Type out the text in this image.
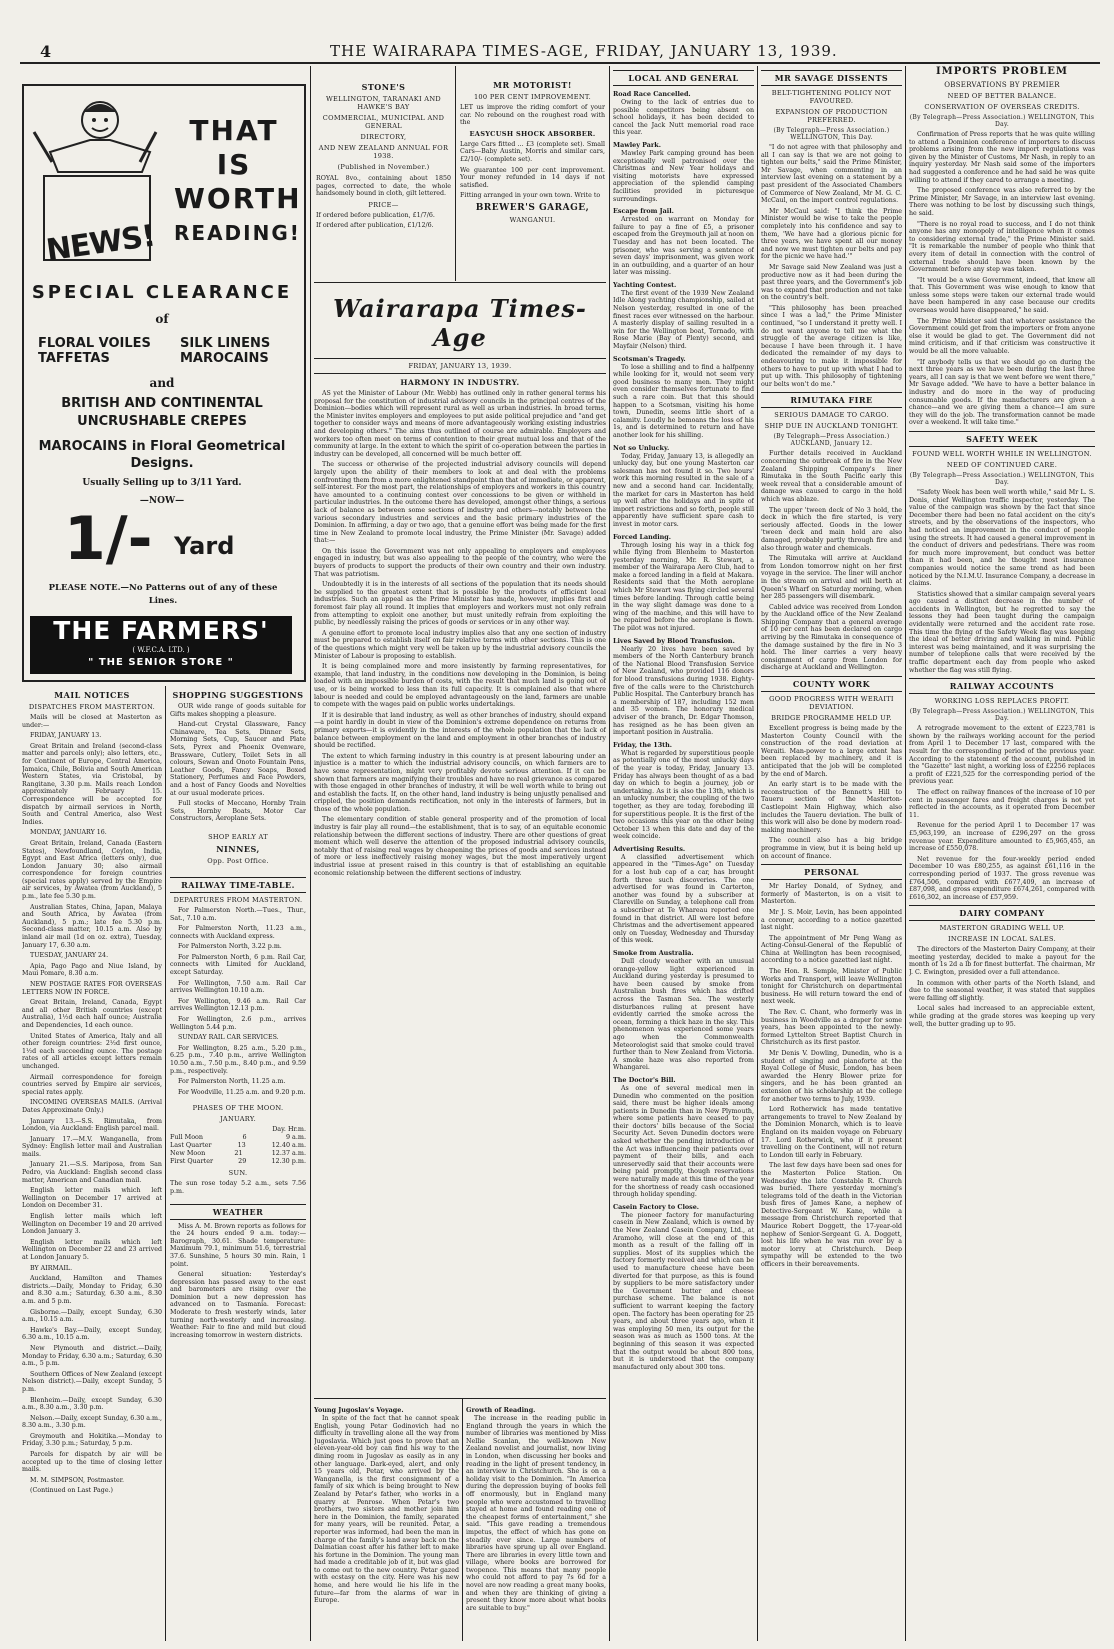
4	THE WAIRARAPA TIMES-AGE, FRIDAY, JANUARY 13, 1939.
NEWS!
THAT
IS
WORTH
READING!
SPECIAL CLEARANCE
of
FLORAL VOILES
TAFFETAS
SILK LINENS
MAROCAINS
and
BRITISH AND CONTINENTAL
UNCRUSHABLE CREPES
MAROCAINS in Floral Geometrical Designs.
Usually Selling up to 3/11 Yard.
—NOW—
1/- Yard
PLEASE NOTE.—No Patterns out of any of these Lines.
THE FARMERS'
( W.F.C.A. LTD. )
" THE SENIOR STORE "
MAIL NOTICES
DISPATCHES FROM MASTERTON.
Mails will be closed at Masterton as under:—
FRIDAY, JANUARY 13.
Great Britain and Ireland (second-class matter and parcels only); also letters, etc., for Continent of Europe, Central America, Jamaica, Chile, Bolivia and South American Western States, via Cristobal, by Rangitane, 3.30 p.m. Mails reach London approximately February 15. Correspondence will be accepted for dispatch by airmail services in North, South and Central America, also West Indies.
MONDAY, JANUARY 16.
Great Britain, Ireland, Canada (Eastern States), Newfoundland, Ceylon, India, Egypt and East Africa (letters only), due London January 30; also airmail correspondence for foreign countries (special rates apply) served by the Empire air services, by Awatea (from Auckland), 5 p.m., late fee 5.30 p.m.
Australian States, China, Japan, Malaya and South Africa, by Awatea (from Auckland), 5 p.m.; late fee 5.30 p.m. Second-class matter, 10.15 a.m. Also by inland air mail (1d on oz. extra), Tuesday, January 17, 6.30 a.m.
TUESDAY, JANUARY 24.
Apia, Pago Pago and Niue Island, by Maui Pomare, 8.30 a.m.
NEW POSTAGE RATES FOR OVERSEAS LETTERS NOW IN FORCE.
Great Britain, Ireland, Canada, Egypt and all other British countries (except Australia), 1½d each half ounce; Australia and Dependencies, 1d each ounce.
United States of America, Italy and all other foreign countries: 2½d first ounce, 1½d each succeeding ounce. The postage rates of all articles except letters remain unchanged.
Airmail correspondence for foreign countries served by Empire air services, special rates apply.
INCOMING OVERSEAS MAILS. (Arrival Dates Approximate Only.)
January 13.—S.S. Rimutaka, from London, via Auckland: English parcel mail.
January 17.—M.V. Wanganella, from Sydney: English letter mail and Australian mails.
January 21.—S.S. Mariposa, from San Pedro, via Auckland: English second class matter, American and Canadian mail.
English letter mails which left Wellington on December 17 arrived at London on December 31.
English letter mails which left Wellington on December 19 and 20 arrived London January 3.
English letter mails which left Wellington on December 22 and 23 arrived at London January 5.
BY AIRMAIL.
Auckland, Hamilton and Thames districts.—Daily, Monday to Friday, 6.30 and 8.30 a.m.; Saturday, 6.30 a.m., 8.30 a.m. and 5 p.m.
Gisborne.—Daily, except Sunday, 6.30 a.m., 10.15 a.m.
Hawke's Bay.—Daily, except Sunday, 6.30 a.m., 10.15 a.m.
New Plymouth and district.—Daily, Monday to Friday, 6.30 a.m.; Saturday, 6.30 a.m., 5 p.m.
Southern Offices of New Zealand (except Nelson district).—Daily, except Sunday, 5 p.m.
Blenheim.—Daily, except Sunday, 6.30 a.m., 8.30 a.m., 3.30 p.m.
Nelson.—Daily, except Sunday, 6.30 a.m., 8.30 a.m., 3.30 p.m.
Greymouth and Hokitika.—Monday to Friday, 3.30 p.m.; Saturday, 5 p.m.
Parcels for dispatch by air will be accepted up to the time of closing letter mails.
M. M. SIMPSON, Postmaster.
(Continued on Last Page.)
SHOPPING SUGGESTIONS
OUR wide range of goods suitable for Gifts makes shopping a pleasure.
Hand-cut Crystal Glassware, Fancy Chinaware, Tea Sets, Dinner Sets, Morning Sets, Cup, Saucer and Plate Sets, Pyrex and Phoenix Ovenware, Brassware, Cutlery, Toilet Sets in all colours, Sewan and Onoto Fountain Pens, Leather Goods, Fancy Soaps, Boxed Stationery, Perfumes and Face Powders, and a host of Fancy Goods and Novelties at our usual moderate prices.
Full stocks of Meccano, Hornby Train Sets, Hornby Boats, Motor Car Constructors, Aeroplane Sets.
SHOP EARLY AT
NINNES,
Opp. Post Office.
RAILWAY TIME-TABLE.
DEPARTURES FROM MASTERTON.
For Palmerston North.—Tues., Thur., Sat., 7.10 a.m.
For Palmerston North, 11.23 a.m., connects with Auckland express.
For Palmerston North, 3.22 p.m.
For Palmerston North, 6 p.m. Rail Car, connects with Limited for Auckland, except Saturday.
For Wellington, 7.50 a.m. Rail Car arrives Wellington 10.10 a.m.
For Wellington, 9.46 a.m. Rail Car arrives Wellington 12.13 p.m.
For Wellington, 2.6 p.m., arrives Wellington 5.44 p.m.
SUNDAY RAIL CAR SERVICES.
For Wellington, 8.25 a.m., 5.20 p.m., 6.25 p.m., 7.40 p.m., arrive Wellington 10.50 a.m., 7.50 p.m., 8.40 p.m., and 9.59 p.m., respectively.
For Palmerston North, 11.25 a.m.
For Woodville, 11.25 a.m. and 9.20 p.m.
PHASES OF THE MOON.
JANUARY.
Day. Hr.m.
Full Moon	6	9 a.m.
Last Quarter	13	12.40 a.m.
New Moon	21	12.37 a.m.
First Quarter	29	12.30 p.m.
SUN.
The sun rose today 5.2 a.m., sets 7.56 p.m.
WEATHER
Miss A. M. Brown reports as follows for the 24 hours ended 9 a.m. today:—Barograph, 30.61. Shade temperature: Maximum 79.1, minimum 51.6, terrestrial 37.6. Sunshine, 5 hours 30 min. Rain, 1 point.
General situation: Yesterday's depression has passed away to the east and barometers are rising over the Dominion but a new depression has advanced on to Tasmania. Forecast: Moderate to fresh westerly winds, later turning north-westerly and increasing. Weather: Fair to fine and mild but cloud increasing tomorrow in western districts.
STONE'S
WELLINGTON, TARANAKI AND HAWKE'S BAY
COMMERCIAL, MUNICIPAL AND GENERAL
DIRECTORY,
AND NEW ZEALAND ANNUAL FOR 1938.
(Published in November.)
ROYAL 8vo., containing about 1850 pages, corrected to date, the whole handsomely bound in cloth, gilt lettered.
PRICE—
If ordered before publication, £1/7/6.
If ordered after publication, £1/12/6.
MR MOTORIST!
100 PER CENT IMPROVEMENT.
LET us improve the riding comfort of your car. No rebound on the roughest road with the
EASYCUSH SHOCK ABSORBER.
Large Cars fitted ... £3 (complete set). Small Cars—Baby Austin, Morris and similar cars, £2/10/- (complete set).
We guarantee 100 per cent improvement. Your money refunded in 14 days if not satisfied.
Fitting arranged in your own town. Write to
BREWER'S GARAGE,
WANGANUI.
Wairarapa Times-Age
FRIDAY, JANUARY 13, 1939.
HARMONY IN INDUSTRY.
AS yet the Minister of Labour (Mr. Webb) has outlined only in rather general terms his proposal for the constitution of industrial advisory councils in the principal centres of the Dominion—bodies which will represent rural as well as urban industries. In broad terms, the Minister invites employers and employees to put aside political prejudice and "and get together to consider ways and means of more advantageously working existing industries and developing others." The aims thus outlined of course are admirable. Employers and workers too often meet on terms of contention to their great mutual loss and that of the community at large. In the extent to which the spirit of co-operation between the parties in industry can be developed, all concerned will be much better off.
The success or otherwise of the projected industrial advisory councils will depend largely upon the ability of their members to look at and deal with the problems confronting them from a more enlightened standpoint than that of immediate, or apparent, self-interest. For the most part, the relationships of employers and workers in this country have amounted to a continuing contest over concessions to be given or withheld in particular industries. In the outcome there has developed, amongst other things, a serious lack of balance as between some sections of industry and others—notably between the various secondary industries and services and the basic primary industries of the Dominion. In affirming, a day or two ago, that a genuine effort was being made for the first time in New Zealand to promote local industry, the Prime Minister (Mr. Savage) added that:—
On this issue the Government was not only appealing to employers and employees engaged in industry, but was also appealing to the people of the country, who were the buyers of products to support the products of their own country and their own industry. That was patriotism.
Undoubtedly it is in the interests of all sections of the population that its needs should be supplied to the greatest extent that is possible by the products of efficient local industries. Such an appeal as the Prime Minister has made, however, implies first and foremost fair play all round. It implies that employers and workers must not only refrain from attempting to exploit one another, but must unitedly refrain from exploiting the public, by needlessly raising the prices of goods or services or in any other way.
A genuine effort to promote local industry implies also that any one section of industry must be prepared to establish itself on fair relative terms with other sections. This is one of the questions which might very well be taken up by the industrial advisory councils the Minister of Labour is proposing to establish.
It is being complained more and more insistently by farming representatives, for example, that land industry, in the conditions now developing in the Dominion, is being loaded with an impossible burden of costs, with the result that much land is going out of use, or is being worked to less than its full capacity. It is complained also that where labour is needed and could be employed advantageously on the land, farmers are unable to compete with the wages paid on public works undertakings.
If it is desirable that land industry, as well as other branches of industry, should expand—a point hardly in doubt in view of the Dominion's extreme dependence on returns from primary exports—it is evidently in the interests of the whole population that the lack of balance between employment on the land and employment in other branches of industry should be rectified.
The extent to which farming industry in this country is at present labouring under an injustice is a matter to which the industrial advisory councils, on which farmers are to have some representation, might very profitably devote serious attention. If it can be shown that farmers are magnifying their troubles and have no real grievance as compared with those engaged in other branches of industry, it will be well worth while to bring out and establish the facts. If, on the other hand, land industry is being unjustly penalised and crippled, the position demands rectification, not only in the interests of farmers, but in those of the whole population.
The elementary condition of stable general prosperity and of the promotion of local industry is fair play all round—the establishment, that is to say, of an equitable economic relationship between the different sections of industry. There are other questions of great moment which well deserve the attention of the proposed industrial advisory councils, notably that of raising real wages by cheapening the prices of goods and services instead of more or less ineffectively raising money wages, but the most imperatively urgent industrial issue at present raised in this country is that of establishing an equitable economic relationship between the different sections of industry.
Young Jugoslav's Voyage.
In spite of the fact that he cannot speak English, young Petar Godinovich had no difficulty in travelling alone all the way from Jugoslavia. Which just goes to prove that an eleven-year-old boy can find his way to the dining room in Jugoslav as easily as in any other language. Dark-eyed, alert, and only 15 years old, Petar, who arrived by the Wanganella, is the first consignment of a family of six which is being brought to New Zealand by Petar's father, who works in a quarry at Penrose. When Petar's two brothers, two sisters and mother join him here in the Dominion, the family, separated for many years, will be reunited. Petar, a reporter was informed, had been the man in charge of the family's land away back on the Dalmatian coast after his father left to make his fortune in the Dominion. The young man had made a creditable job of it, but was glad to come out to the new country. Petar gazed with ecstasy on the city. Here was his new home, and here would lie his life in the future—far from the alarms of war in Europe.
Growth of Reading.
The increase in the reading public in England through the years in which the number of libraries was mentioned by Miss Nellie Scanlan, the well-known New Zealand novelist and journalist, now living in London, when discussing her books and reading in the light of present tendency, in an interview in Christchurch. She is on a holiday visit to the Dominion. "In America during the depression buying of books fell off enormously, but in England many people who were accustomed to travelling stayed at home and found reading one of the cheapest forms of entertainment," she said. "This gave reading a tremendous impetus, the effect of which has gone on steadily ever since. Large numbers of libraries have sprung up all over England. There are libraries in every little town and village, where books are borrowed for twopence. This means that many people who could not afford to pay 7s 6d for a novel are now reading a great many books, and when they are thinking of giving a present they know more about what books are suitable to buy."
LOCAL AND GENERAL
Road Race Cancelled.
Owing to the lack of entries due to possible competitors being absent on school holidays, it has been decided to cancel the Jack Nutt memorial road race this year.
Mawley Park.
Mawley Park camping ground has been exceptionally well patronised over the Christmas and New Year holidays and visiting motorists have expressed appreciation of the splendid camping facilities provided in picturesque surroundings.
Escape from Jail.
Arrested on warrant on Monday for failure to pay a fine of £5, a prisoner escaped from the Greymouth jail at noon on Tuesday and has not been located. The prisoner, who was serving a sentence of seven days' imprisonment, was given work in an outbuilding, and a quarter of an hour later was missing.
Yachting Contest.
The first event of the 1939 New Zealand Idle Along yachting championship, sailed at Nelson yesterday, resulted in one of the finest races ever witnessed on the harbour. A masterly display of sailing resulted in a win for the Wellington boat, Tornado, with Rose Marie (Bay of Plenty) second, and Mayfair (Nelson) third.
Scotsman's Tragedy.
To lose a shilling and to find a halfpenny while looking for it, would not seem very good business to many men. They might even consider themselves fortunate to find such a rare coin. But that this should happen to a Scotsman, visiting his home town, Dunedin, seems little short of a calamity. Loudly he bemoans the loss of his 1s, and is determined to return and have another look for his shilling.
Not so Unlucky.
Today, Friday, January 13, is allegedly an unlucky day, but one young Masterton car salesman has not found it so. Two hours' work this morning resulted in the sale of a new and a second hand car. Incidentally, the market for cars in Masterton has held up well after the holidays and in spite of import restrictions and so forth, people still apparently have sufficient spare cash to invest in motor cars.
Forced Landing.
Through losing his way in a thick fog while flying from Blenheim to Masterton yesterday morning, Mr. R. Stewart, a member of the Wairarapa Aero Club, had to make a forced landing in a field at Makara. Residents said that the Moth aeroplane which Mr Stewart was flying circled several times before landing. Through cattle being in the way slight damage was done to a wing of the machine, and this will have to be repaired before the aeroplane is flown. The pilot was not injured.
Lives Saved by Blood Transfusion.
Nearly 20 lives have been saved by members of the North Canterbury branch of the National Blood Transfusion Service of New Zealand, who provided 116 donors for blood transfusions during 1938. Eighty-five of the calls were to the Christchurch Public Hospital. The Canterbury branch has a membership of 187, including 152 men and 35 women. The honorary medical adviser of the branch, Dr. Edgar Thomson, has resigned as he has been given an important position in Australia.
Friday, the 13th.
What is regarded by superstitious people as potentially one of the most unlucky days of the year is today, Friday, January 13. Friday has always been thought of as a bad day on which to begin a journey, job or undertaking. As it is also the 13th, which is an unlucky number, the coupling of the two together, as they are today, foreboding ill for superstitious people. It is the first of the two occasions this year on the other being October 13 when this date and day of the week coincide.
Advertising Results.
A classified advertisement which appeared in the "Times-Age" on Tuesday for a lost hub cap of a car, has brought forth three such discoveries. The one advertised for was found in Carterton, another was found by a subscriber at Clareville on Sunday, a telephone call from a subscriber at Te Whareau reported one found in that district. All were lost before Christmas and the advertisement appeared only on Tuesday, Wednesday and Thursday of this week.
Smoke from Australia.
Dull cloudy weather with an unusual orange-yellow light experienced in Auckland during yesterday is presumed to have been caused by smoke from Australian bush fires which has drifted across the Tasman Sea. The westerly disturbances ruling at present have evidently carried the smoke across the ocean, forming a thick haze in the sky. This phenomenon was experienced some years ago when the Commonwealth Meteorologist said that smoke could travel further than to New Zealand from Victoria. A smoke haze was also reported from Whangarei.
The Doctor's Bill.
As one of several medical men in Dunedin who commented on the position said, there must be higher ideals among patients in Dunedin than in New Plymouth, where some patients have ceased to pay their doctors' bills because of the Social Security Act. Seven Dunedin doctors were asked whether the pending introduction of the Act was influencing their patients over payment of their bills, and each unreservedly said that their accounts were being paid promptly, though reservations were naturally made at this time of the year for the shortness of ready cash occasioned through holiday spending.
Casein Factory to Close.
The pioneer factory for manufacturing casein in New Zealand, which is owned by the New Zealand Casein Company, Ltd., at Aramoho, will close at the end of this month as a result of the falling off in supplies. Most of its supplies which the factory formerly received and which can be used to manufacture cheese have been diverted for that purpose, as this is found by suppliers to be more satisfactory under the Government butter and cheese purchase scheme. The balance is not sufficient to warrant keeping the factory open. The factory has been operating for 25 years, and about three years ago, when it was employing 50 men, its output for the season was as much as 1500 tons. At the beginning of this season it was expected that the output would be about 800 tons, but it is understood that the company manufactured only about 300 tons.
MR SAVAGE DISSENTS
BELT-TIGHTENING POLICY NOT FAVOURED.
EXPANSION OF PRODUCTION PREFERRED.
(By Telegraph—Press Association.) WELLINGTON, This Day.
"I do not agree with that philosophy and all I can say is that we are not going to tighten our belts," said the Prime Minister, Mr Savage, when commenting in an interview last evening on a statement by a past president of the Associated Chambers of Commerce of New Zealand, Mr M. G. C. McCaul, on the import control regulations.
Mr McCaul said: "I think the Prime Minister would be wise to take the people completely into his confidence and say to them, 'We have had a glorious picnic for three years, we have spent all our money and now we must tighten our belts and pay for the picnic we have had.'"
Mr Savage said New Zealand was just a productive now as it had been during the past three years, and the Government's job was to expand that production and not take on the country's belt.
"This philosophy has been preached since I was a lad," the Prime Minister continued, "so I understand it pretty well. I do not want anyone to tell me what the struggle of the average citizen is like, because I have been through it. I have dedicated the remainder of my days to endeavouring to make it impossible for others to have to put up with what I had to put up with. This philosophy of tightening our belts won't do me."
RIMUTAKA FIRE
SERIOUS DAMAGE TO CARGO.
SHIP DUE IN AUCKLAND TONIGHT.
(By Telegraph—Press Association.) AUCKLAND, January 12.
Further details received in Auckland concerning the outbreak of fire in the New Zealand Shipping Company's liner Rimutaka in the South Pacific early this week reveal that a considerable amount of damage was caused to cargo in the hold which was ablaze.
The upper 'tween deck of No 3 hold, the deck in which the fire started, is very seriously affected. Goods in the lower 'tween deck and main hold are also damaged, probably partly through fire and also through water and chemicals.
The Rimutaka will arrive at Auckland from London tomorrow night on her first voyage in the service. The liner will anchor in the stream on arrival and will berth at Queen's Wharf on Saturday morning, when her 285 passengers will disembark.
Cabled advice was received from London by the Auckland office of the New Zealand Shipping Company that a general average of 10 per cent has been declared on cargo arriving by the Rimutaka in consequence of the damage sustained by the fire in No 3 hold. The liner carries a very heavy consignment of cargo from London for discharge at Auckland and Wellington.
COUNTY WORK
GOOD PROGRESS WITH WERAITI DEVIATION.
BRIDGE PROGRAMME HELD UP.
Excellent progress is being made by the Masterton County Council with the construction of the road deviation at Weraiti. Man-power to a large extent has been replaced by machinery, and it is anticipated that the job will be completed by the end of March.
An early start is to be made with the reconstruction of the Bennett's Hill to Taueru section of the Masterton-Castlepoint Main Highway, which also includes the Taueru deviation. The bulk of this work will also be done by modern road-making machinery.
The council also has a big bridge programme in view, but it is being held up on account of finance.
PERSONAL
Mr Harley Donald, of Sydney, and formerly of Masterton, is on a visit to Masterton.
Mr J. S. Moir, Levin, has been appointed a coroner, according to a notice gazetted last night.
The appointment of Mr Peng Wang as Acting-Consul-General of the Republic of China at Wellington has been recognised, according to a notice gazetted last night.
The Hon. R. Semple, Minister of Public Works and Transport, will leave Wellington tonight for Christchurch on departmental business. He will return toward the end of next week.
The Rev. C. Chant, who formerly was in business in Woodville as a draper for some years, has been appointed to the newly-formed Lyttelton Street Baptist Church in Christchurch as its first pastor.
Mr Denis V. Dowling, Dunedin, who is a student of singing and pianoforte at the Royal College of Music, London, has been awarded the Henry Blower prize for singers, and he has been granted an extension of his scholarship at the college for another two terms to July, 1939.
Lord Rotherwick has made tentative arrangements to travel to New Zealand by the Dominion Monarch, which is to leave England on its maiden voyage on February 17. Lord Rotherwick, who if it present travelling on the Continent, will not return to London till early in February.
The last few days have been sad ones for the Masterton Police Station. On Wednesday the late Constable R. Church was buried. There yesterday morning's telegrams told of the death in the Victorian bush fires of James Kane, a nephew of Detective-Sergeant W. Kane, while a message from Christchurch reported that Maurice Robert Doggett, the 17-year-old nephew of Senior-Sergeant G. A. Doggett, lost his life when he was run over by a motor lorry at Christchurch. Deep sympathy will be extended to the two officers in their bereavements.
IMPORTS PROBLEM
OBSERVATIONS BY PREMIER
NEED OF BETTER BALANCE.
CONSERVATION OF OVERSEAS CREDITS.
(By Telegraph—Press Association.) WELLINGTON, This Day.
Confirmation of Press reports that he was quite willing to attend a Dominion conference of importers to discuss problems arising from the new import regulations was given by the Minister of Customs, Mr Nash, in reply to an inquiry yesterday. Mr Nash said some of the importers had suggested a conference and he had said he was quite willing to attend if they cared to arrange a meeting.
The proposed conference was also referred to by the Prime Minister, Mr Savage, in an interview last evening. There was nothing to be lost by discussing such things, he said.
"There is no royal road to success, and I do not think anyone has any monopoly of intelligence when it comes to considering external trade," the Prime Minister said. "It is remarkable the number of people who think that every item of detail in connection with the control of external trade should have been known by the Government before any step was taken.
"It would be a wise Government, indeed, that knew all that. This Government was wise enough to know that unless some steps were taken our external trade would have been hampered in any case because our credits overseas would have disappeared," he said.
The Prime Minister said that whatever assistance the Government could get from the importers or from anyone else it would be glad to get. The Government did not mind criticism, and if that criticism was constructive it would be all the more valuable.
"If anybody tells us that we should go on during the next three years as we have been during the last three years, all I can say is that we went before we went there," Mr Savage added. "We have to have a better balance in industry and do more in the way of producing consumable goods. If the manufacturers are given a chance—and we are giving them a chance—I am sure they will do the job. The transformation cannot be made over a weekend. It will take time."
SAFETY WEEK
FOUND WELL WORTH WHILE IN WELLINGTON.
NEED OF CONTINUED CARE.
(By Telegraph—Press Association.) WELLINGTON, This Day.
"Safety Week has been well worth while," said Mr L. S. Donis, chief Wellington traffic inspector, yesterday. The value of the campaign was shown by the fact that since December there had been no fatal accident on the city's streets, and by the observations of the inspectors, who had noticed an improvement in the conduct of people using the streets. It had caused a general improvement in the conduct of drivers and pedestrians. There was room for much more improvement, but conduct was better than it had been, and he thought most insurance companies would notice the same trend as had been noticed by the N.I.M.U. Insurance Company, a decrease in claims.
Statistics showed that a similar campaign several years ago caused a distinct decrease in the number of accidents in Wellington, but he regretted to say the lessons they had been taught during the campaign evidentally were returned and the accident rate rose. This time the flying of the Safety Week flag was keeping the ideal of better driving and walking in mind. Public interest was being maintained, and it was surprising the number of telephone calls that were received by the traffic department each day from people who asked whether the flag was still flying.
RAILWAY ACCOUNTS
WORKING LOSS REPLACES PROFIT.
(By Telegraph—Press Association.) WELLINGTON, This Day.
A retrograde movement to the extent of £223,781 is shown by the railways working account for the period from April 1 to December 17 last, compared with the result for the corresponding period of the previous year. According to the statement of the account, published in the "Gazette" last night, a working loss of £2256 replaces a profit of £221,525 for the corresponding period of the previous year.
The effect on railway finances of the increase of 10 per cent in passenger fares and freight charges is not yet reflected in the accounts, as it operated from December 11.
Revenue for the period April 1 to December 17 was £5,963,199, an increase of £296,297 on the gross revenue year. Expenditure amounted to £5,965,455, an increase of £550,078.
Net revenue for the four-weekly period ended December 10 was £80,255, as against £61,116 in the corresponding period of 1937. The gross revenue was £764,506, compared with £677,409, an increase of £87,098, and gross expenditure £674,261, compared with £616,302, an increase of £57,959.
DAIRY COMPANY
MASTERTON GRADING WELL UP.
INCREASE IN LOCAL SALES.
The directors of the Masterton Dairy Company, at their meeting yesterday, decided to make a payout for the month of 1s 2d a lb for finest butterfat. The chairman, Mr J. C. Ewington, presided over a full attendance.
In common with other parts of the North Island, and due to the seasonal weather, it was stated that supplies were falling off slightly.
Local sales had increased to an appreciable extent, while grading at the grade stores was keeping up very well, the butter grading up to 95.
